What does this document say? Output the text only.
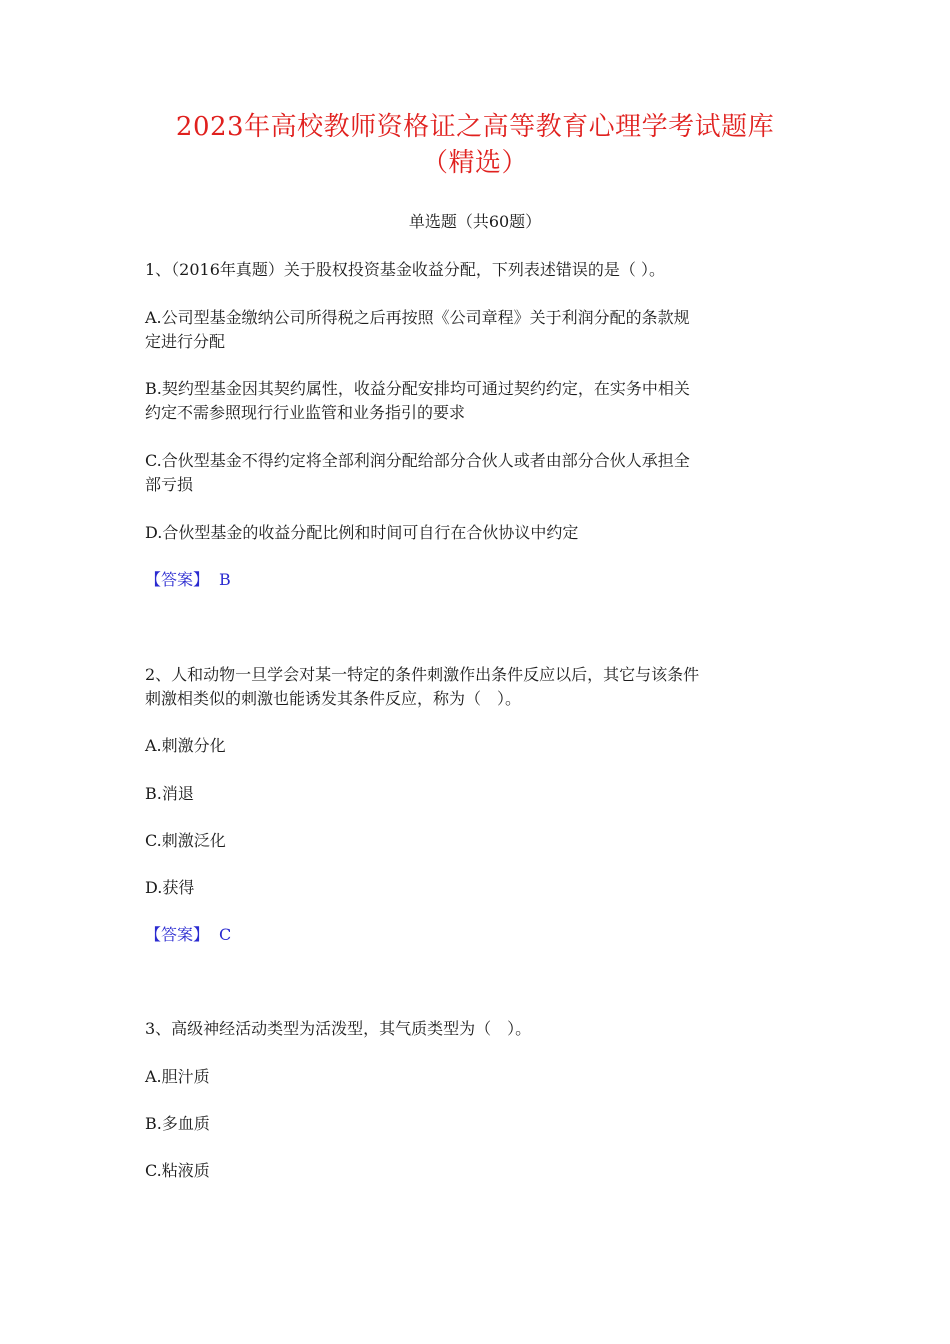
2023年高校教师资格证之高等教育心理学考试题库
（精选）
单选题（共60题）
1、（2016年真题）关于股权投资基金收益分配，下列表述错误的是（ ）。
A.公司型基金缴纳公司所得税之后再按照《公司章程》关于利润分配的条款规
定进行分配
B.契约型基金因其契约属性，收益分配安排均可通过契约约定，在实务中相关
约定不需参照现行行业监管和业务指引的要求
C.合伙型基金不得约定将全部利润分配给部分合伙人或者由部分合伙人承担全
部亏损
D.合伙型基金的收益分配比例和时间可自行在合伙协议中约定
【答案】 B
2、人和动物一旦学会对某一特定的条件刺激作出条件反应以后，其它与该条件
刺激相类似的刺激也能诱发其条件反应，称为（　）。
A.刺激分化
B.消退
C.刺激泛化
D.获得
【答案】 C
3、高级神经活动类型为活泼型，其气质类型为（　）。
A.胆汁质
B.多血质
C.粘液质
